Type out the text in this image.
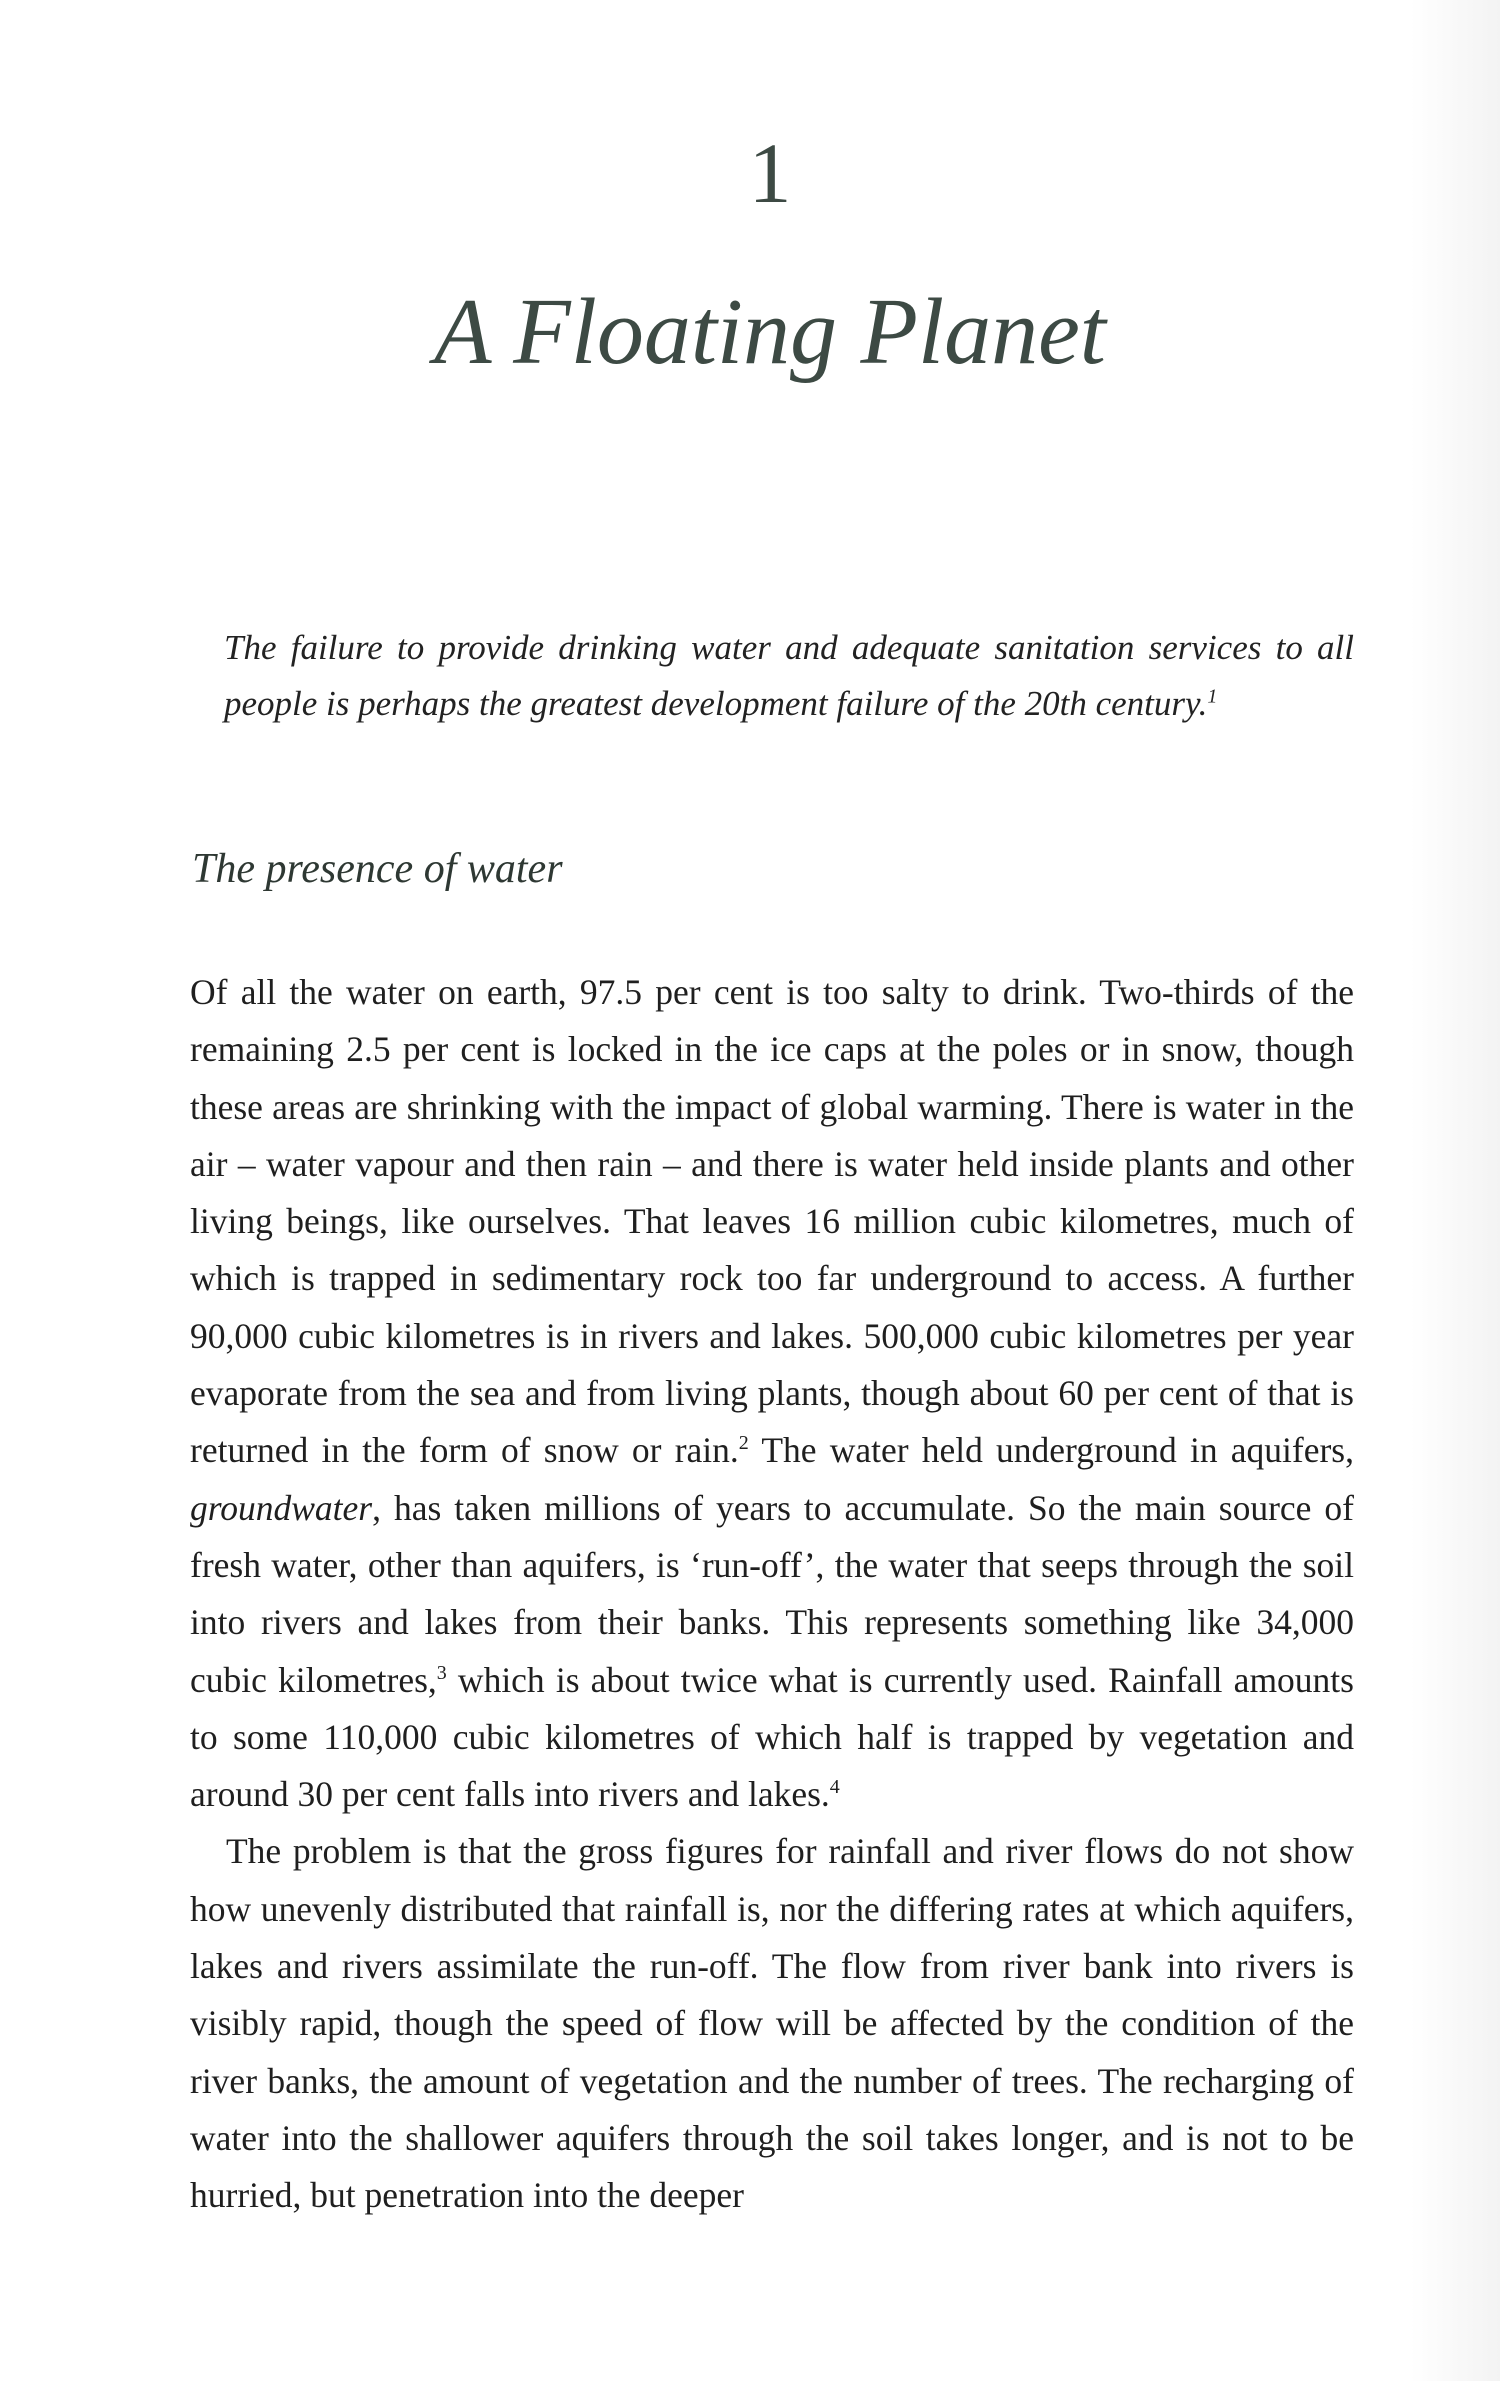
1
A Floating Planet
The failure to provide drinking water and adequate sanitation services to all people is perhaps the greatest development failure of the 20th century.$^1$
The presence of water

Of all the water on earth, 97.5 per cent is too salty to drink. Two-thirds of the remaining 2.5 per cent is locked in the ice caps at the poles or in snow, though these areas are shrinking with the impact of global warming. There is water in the air – water vapour and then rain – and there is water held inside plants and other living beings, like ourselves. That leaves 16 million cubic kilometres, much of which is trapped in sedimentary rock too far underground to access. A further 90,000 cubic kilometres is in rivers and lakes. 500,000 cubic kilometres per year evaporate from the sea and from living plants, though about 60 per cent of that is returned in the form of snow or rain.$^2$ The water held underground in aquifers, groundwater, has taken millions of years to accumulate. So the main source of fresh water, other than aquifers, is ‘run-off’, the water that seeps through the soil into rivers and lakes from their banks. This represents something like 34,000 cubic kilometres,$^3$ which is about twice what is currently used. Rainfall amounts to some 110,000 cubic kilometres of which half is trapped by vegetation and around 30 per cent falls into rivers and lakes.$^4$

The problem is that the gross figures for rainfall and river flows do not show how unevenly distributed that rainfall is, nor the differing rates at which aquifers, lakes and rivers assimilate the run-off. The flow from river bank into rivers is visibly rapid, though the speed of flow will be affected by the condition of the river banks, the amount of vegetation and the number of trees. The recharging of water into the shallower aquifers through the soil takes longer, and is not to be hurried, but penetration into the deeper
